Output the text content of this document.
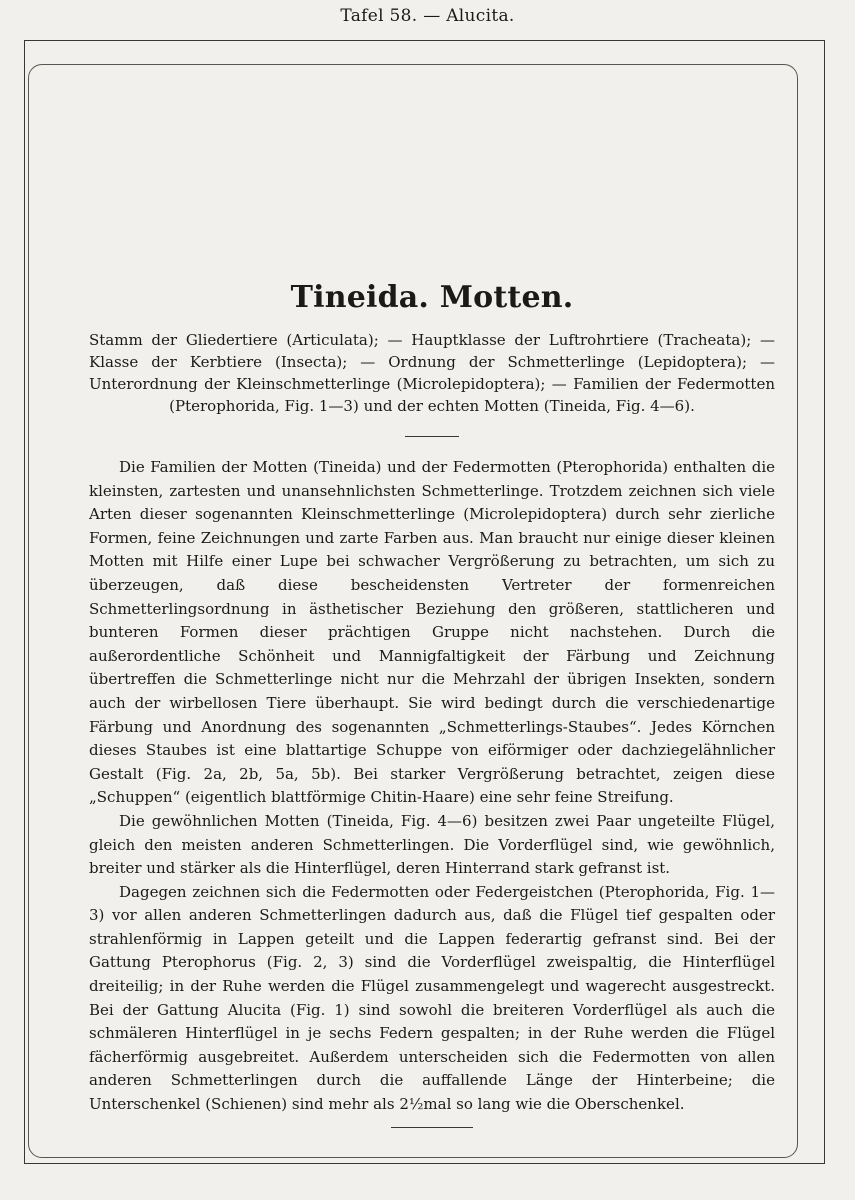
Tafel 58. — Alucita.
Tineida. Motten.

Stamm der Gliedertiere (Articulata); — Hauptklasse der Luftrohrtiere (Tracheata); — Klasse der Kerbtiere (Insecta); — Ordnung der Schmetterlinge (Lepidoptera); — Unterordnung der Kleinschmetterlinge (Microlepidoptera); — Familien der Federmotten (Pterophorida, Fig. 1—3) und der echten Motten (Tineida, Fig. 4—6).

Die Familien der Motten (Tineida) und der Federmotten (Pterophorida) enthalten die kleinsten, zartesten und unansehnlichsten Schmetterlinge. Trotzdem zeichnen sich viele Arten dieser sogenannten Kleinschmetterlinge (Microlepidoptera) durch sehr zierliche Formen, feine Zeichnungen und zarte Farben aus. Man braucht nur einige dieser kleinen Motten mit Hilfe einer Lupe bei schwacher Vergrößerung zu betrachten, um sich zu überzeugen, daß diese bescheidensten Vertreter der formenreichen Schmetterlingsordnung in ästhetischer Beziehung den größeren, stattlicheren und bunteren Formen dieser prächtigen Gruppe nicht nachstehen. Durch die außerordentliche Schönheit und Mannigfaltigkeit der Färbung und Zeichnung übertreffen die Schmetterlinge nicht nur die Mehrzahl der übrigen Insekten, sondern auch der wirbellosen Tiere überhaupt. Sie wird bedingt durch die verschiedenartige Färbung und Anordnung des sogenannten „Schmetterlings-Staubes“. Jedes Körnchen dieses Staubes ist eine blattartige Schuppe von eiförmiger oder dachziegelähnlicher Gestalt (Fig. 2a, 2b, 5a, 5b). Bei starker Vergrößerung betrachtet, zeigen diese „Schuppen“ (eigentlich blattförmige Chitin-Haare) eine sehr feine Streifung.

Die gewöhnlichen Motten (Tineida, Fig. 4—6) besitzen zwei Paar ungeteilte Flügel, gleich den meisten anderen Schmetterlingen. Die Vorderflügel sind, wie gewöhnlich, breiter und stärker als die Hinterflügel, deren Hinterrand stark gefranst ist.

Dagegen zeichnen sich die Federmotten oder Federgeistchen (Pterophorida, Fig. 1—3) vor allen anderen Schmetterlingen dadurch aus, daß die Flügel tief gespalten oder strahlenförmig in Lappen geteilt und die Lappen federartig gefranst sind. Bei der Gattung Pterophorus (Fig. 2, 3) sind die Vorderflügel zweispaltig, die Hinterflügel dreiteilig; in der Ruhe werden die Flügel zusammengelegt und wagerecht ausgestreckt. Bei der Gattung Alucita (Fig. 1) sind sowohl die breiteren Vorderflügel als auch die schmäleren Hinterflügel in je sechs Federn gespalten; in der Ruhe werden die Flügel fächerförmig ausgebreitet. Außerdem unterscheiden sich die Federmotten von allen anderen Schmetterlingen durch die auffallende Länge der Hinterbeine; die Unterschenkel (Schienen) sind mehr als 2½mal so lang wie die Oberschenkel.
